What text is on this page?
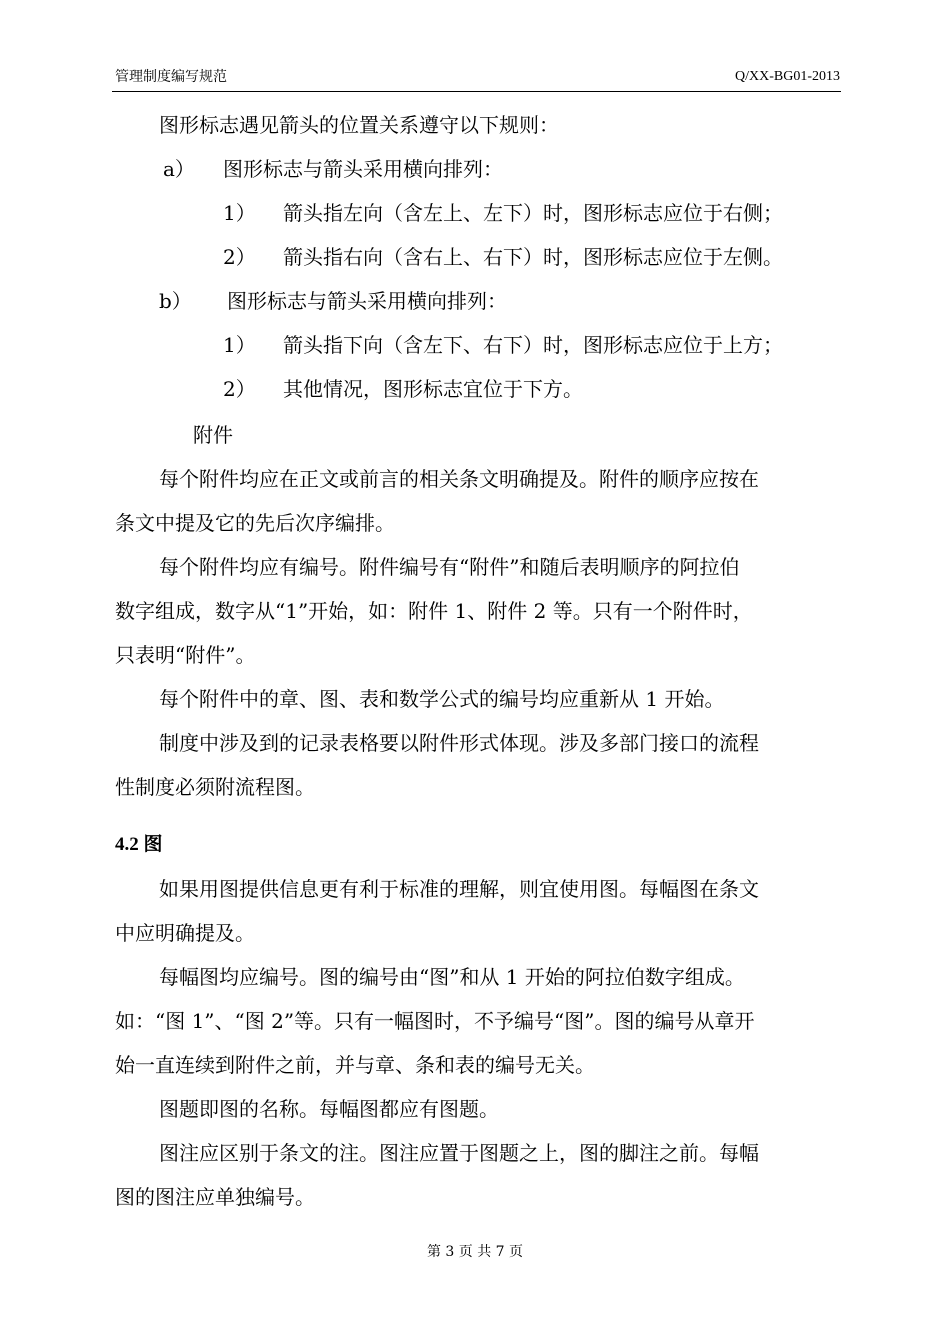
管理制度编写规范	Q/XX-BG01-2013

图形标志遇见箭头的位置关系遵守以下规则：

a）	图形标志与箭头采用横向排列：
1）	箭头指左向（含左上、左下）时，图形标志应位于右侧；
2）	箭头指右向（含右上、右下）时，图形标志应位于左侧。
b）	图形标志与箭头采用横向排列：
1）	箭头指下向（含左下、右下）时，图形标志应位于上方；
2）	其他情况，图形标志宜位于下方。

附件

每个附件均应在正文或前言的相关条文明确提及。附件的顺序应按在

条文中提及它的先后次序编排。

每个附件均应有编号。附件编号有“附件”和随后表明顺序的阿拉伯

数字组成，数字从“1”开始，如：附件 1、附件 2 等。只有一个附件时，

只表明“附件”。

每个附件中的章、图、表和数学公式的编号均应重新从 1 开始。

制度中涉及到的记录表格要以附件形式体现。涉及多部门接口的流程

性制度必须附流程图。

4.2 图

如果用图提供信息更有利于标准的理解，则宜使用图。每幅图在条文

中应明确提及。

每幅图均应编号。图的编号由“图”和从 1 开始的阿拉伯数字组成。

如：“图 1”、“图 2”等。只有一幅图时，不予编号“图”。图的编号从章开

始一直连续到附件之前，并与章、条和表的编号无关。

图题即图的名称。每幅图都应有图题。

图注应区别于条文的注。图注应置于图题之上，图的脚注之前。每幅

图的图注应单独编号。

第 3 页 共 7 页
